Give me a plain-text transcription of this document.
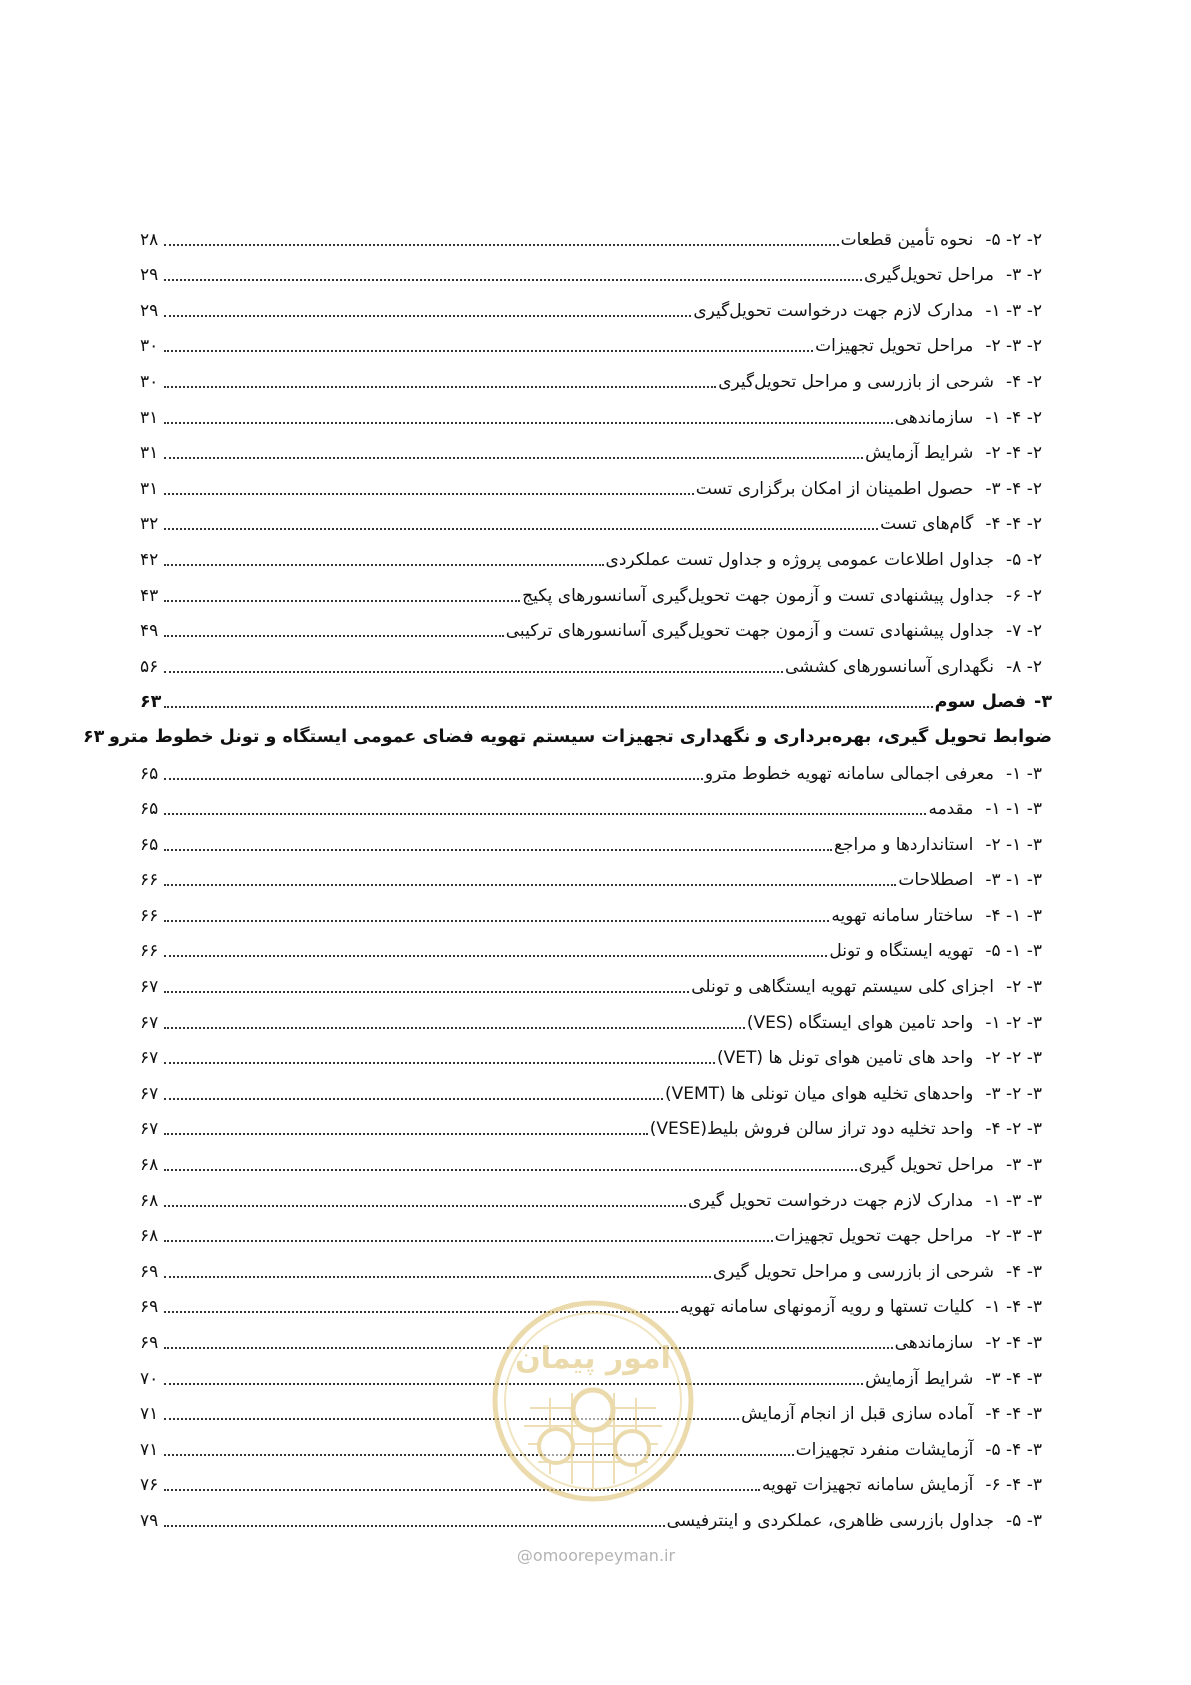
۲- ۲- ۵-
نحوه تأمین قطعات
۲۸
۲- ۳-
مراحل تحویل‌گیری
۲۹
۲- ۳- ۱-
مدارک لازم جهت درخواست تحویل‌گیری
۲۹
۲- ۳- ۲-
مراحل تحویل تجهیزات
۳۰
۲- ۴-
شرحی از بازرسی و مراحل تحویل‌گیری
۳۰
۲- ۴- ۱-
سازماندهی
۳۱
۲- ۴- ۲-
شرایط آزمایش
۳۱
۲- ۴- ۳-
حصول اطمینان از امکان برگزاری تست
۳۱
۲- ۴- ۴-
گام‌های تست
۳۲
۲- ۵-
جداول اطلاعات عمومی پروژه و جداول تست عملکردی
۴۲
۲- ۶-
جداول پیشنهادی تست و آزمون جهت تحویل‌گیری آسانسورهای پکیج
۴۳
۲- ۷-
جداول پیشنهادی تست و آزمون جهت تحویل‌گیری آسانسورهای ترکیبی
۴۹
۲- ۸-
نگهداری آسانسورهای کششی
۵۶
۳-
فصل سوم
۶۳
ضوابط تحویل گیری، بهره‌برداری و نگهداری تجهیزات سیستم تهویه فضای عمومی ایستگاه و تونل خطوط مترو
۶۳
۳- ۱-
معرفی اجمالی سامانه تهویه خطوط مترو
۶۵
۳- ۱- ۱-
مقدمه
۶۵
۳- ۱- ۲-
استانداردها و مراجع
۶۵
۳- ۱- ۳-
اصطلاحات
۶۶
۳- ۱- ۴-
ساختار سامانه تهویه
۶۶
۳- ۱- ۵-
تهویه ایستگاه و تونل
۶۶
۳- ۲-
اجزای کلی سیستم تهویه ایستگاهی و تونلی
۶۷
۳- ۲- ۱-
واحد تامین هوای ایستگاه (VES)
۶۷
۳- ۲- ۲-
واحد های تامین هوای تونل ها (VET)
۶۷
۳- ۲- ۳-
واحدهای تخلیه هوای میان تونلی ها (VEMT)
۶۷
۳- ۲- ۴-
واحد تخلیه دود تراز سالن فروش بلیط(VESE)
۶۷
۳- ۳-
مراحل تحویل گیری
۶۸
۳- ۳- ۱-
مدارک لازم جهت درخواست تحویل گیری
۶۸
۳- ۳- ۲-
مراحل جهت تحویل تجهیزات
۶۸
۳- ۴-
شرحی از بازرسی و مراحل تحویل گیری
۶۹
۳- ۴- ۱-
کلیات تستها و رویه آزمونهای سامانه تهویه
۶۹
۳- ۴- ۲-
سازماندهی
۶۹
۳- ۴- ۳-
شرایط آزمایش
۷۰
۳- ۴- ۴-
آماده سازی قبل از انجام آزمایش
۷۱
۳- ۴- ۵-
آزمایشات منفرد تجهیزات
۷۱
۳- ۴- ۶-
آزمایش سامانه تجهیزات تهویه
۷۶
۳- ۵-
جداول بازرسی ظاهری، عملکردی و اینترفیسی
۷۹
امور پیمان
@omoorepeyman.ir
